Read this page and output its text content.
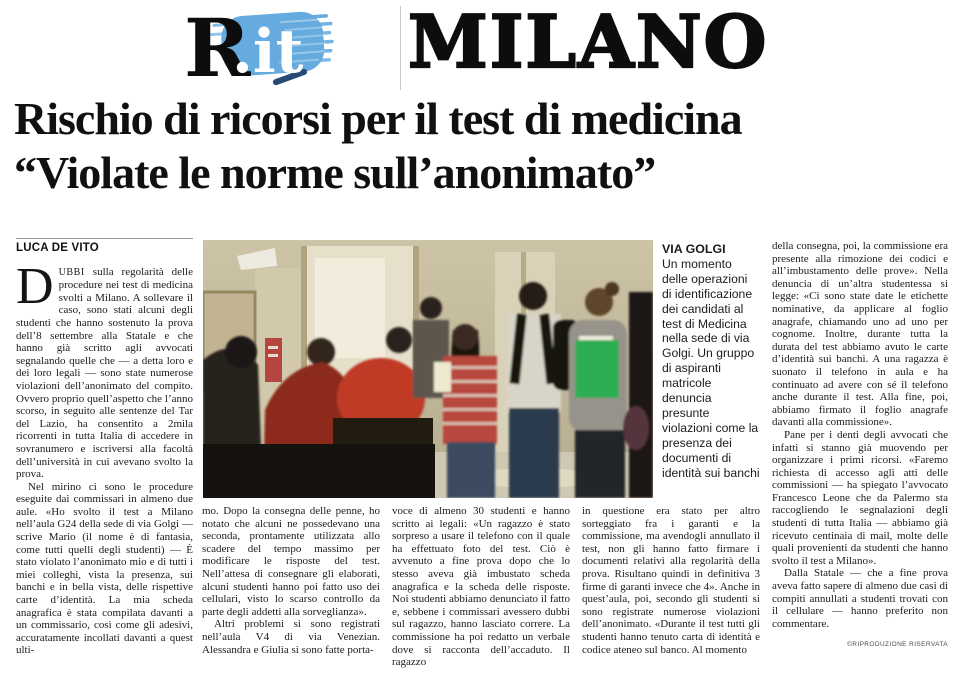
R
.it MILANO
Rischio di ricorsi per il test di medicina
“Violate le norme sull’anonimato”
LUCA DE VITO

DUBBI sulla regolarità delle procedure nei test di medicina svolti a Milano. A sollevare il caso, sono stati alcuni degli studenti che hanno sostenuto la prova dell’8 settembre alla Statale e che hanno già scritto agli avvocati segnalando quelle che — a detta loro e dei loro legali — sono state numerose violazioni dell’anonimato del compito. Ovvero proprio quell’aspetto che l’anno scorso, in seguito alle sentenze del Tar del Lazio, ha consentito a 2mila ricorrenti in tutta Italia di accedere in sovranumero e iscriversi alla facoltà dell’università in cui avevano svolto la prova.

Nel mirino ci sono le procedure eseguite dai commissari in almeno due aule. «Ho svolto il test a Milano nell’aula G24 della sede di via Golgi — scrive Mario (il nome è di fantasia, come tutti quelli degli studenti) — È stato violato l’anonimato mio e di tutti i miei colleghi, vista la presenza, sui banchi e in bella vista, delle rispettive carte d’identità. La mia scheda anagrafica è stata compilata davanti a un commissario, così come gli adesivi, accuratamente incollati davanti a quest ulti-

VIA GOLGI

Un momento delle operazioni di identificazione dei candidati al test di Medicina nella sede di via Golgi. Un gruppo di aspiranti matricole denuncia presunte violazioni come la presenza dei documenti di identità sui banchi

della consegna, poi, la commissione era presente alla rimozione dei codici e all’imbustamento delle prove». Nella denuncia di un’altra studentessa si legge: «Ci sono state date le etichette nominative, da applicare al foglio anagrafe, chiamando uno ad uno per cognome. Inoltre, durante tutta la durata del test abbiamo avuto le carte d’identità sui banchi. A una ragazza è suonato il telefono in aula e ha continuato ad avere con sé il telefono anche durante il test. Alla fine, poi, abbiamo firmato il foglio anagrafe davanti alla commissione».

Pane per i denti degli avvocati che infatti si stanno già muovendo per organizzare i primi ricorsi. «Faremo richiesta di accesso agli atti delle commissioni — ha spiegato l’avvocato Francesco Leone che da Palermo sta raccogliendo le segnalazioni degli studenti di tutta Italia — abbiamo già ricevuto centinaia di mail, molte delle quali provenienti da studenti che hanno svolto il test a Milano».

Dalla Statale — che a fine prova aveva fatto sapere di almeno due casi di compiti annullati a studenti trovati con il cellulare — hanno preferito non commentare.

©RIPRODUZIONE RISERVATA

mo. Dopo la consegna delle penne, ho notato che alcuni ne possedevano una seconda, prontamente utilizzata allo scadere del tempo massimo per modificare le risposte del test. Nell’attesa di consegnare gli elaborati, alcuni studenti hanno poi fatto uso dei cellulari, visto lo scarso controllo da parte degli addetti alla sorveglianza».

Altri problemi si sono registrati nell’aula V4 di via Venezian. Alessandra e Giulia si sono fatte porta-

voce di almeno 30 studenti e hanno scritto ai legali: «Un ragazzo è stato sorpreso a usare il telefono con il quale ha effettuato foto del test. Ciò è avvenuto a fine prova dopo che lo stesso aveva già imbustato scheda anagrafica e la scheda delle risposte. Noi studenti abbiamo denunciato il fatto e, sebbene i commissari avessero dubbi sul ragazzo, hanno lasciato correre. La commissione ha poi redatto un verbale dove si racconta dell’accaduto. Il ragazzo

in questione era stato per altro sorteggiato fra i garanti e la commissione, ma avendogli annullato il test, non gli hanno fatto firmare i documenti relativi alla regolarità della prova. Risultano quindi in definitiva 3 firme di garanti invece che 4». Anche in quest’aula, poi, secondo gli studenti si sono registrate numerose violazioni dell’anonimato. «Durante il test tutti gli studenti hanno tenuto carta di identità e codice ateneo sul banco. Al momento
